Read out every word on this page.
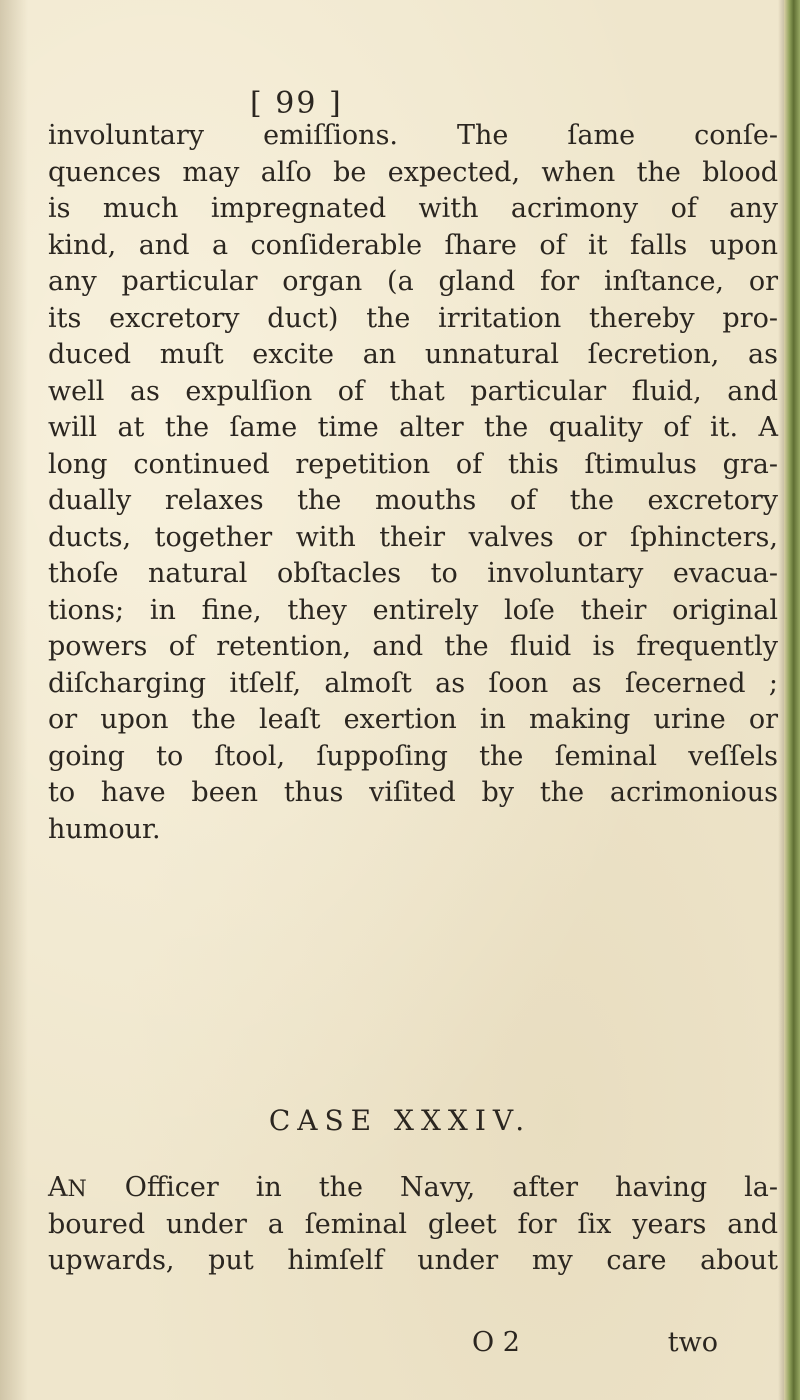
[ 99 ]
involuntary emiſſions. The ſame conſe-
quences may alſo be expected, when the blood
is much impregnated with acrimony of any
kind, and a conſiderable ſhare of it falls upon
any particular organ (a gland for inſtance, or
its excretory duct) the irritation thereby pro-
duced muſt excite an unnatural ſecretion, as
well as expulſion of that particular fluid, and
will at the ſame time alter the quality of it. A
long continued repetition of this ſtimulus gra-
dually relaxes the mouths of the excretory
ducts, together with their valves or ſphincters,
thoſe natural obſtacles to involuntary evacua-
tions; in fine, they entirely loſe their original
powers of retention, and the fluid is frequently
diſcharging itſelf, almoſt as ſoon as ſecerned ;
or upon the leaſt exertion in making urine or
going to ſtool, ſuppoſing the ſeminal veſſels
to have been thus viſited by the acrimonious
humour.
CASE XXXIV.
AN Officer in the Navy, after having la-
boured under a ſeminal gleet for ſix years and
upwards, put himſelf under my care about
O 2	two
